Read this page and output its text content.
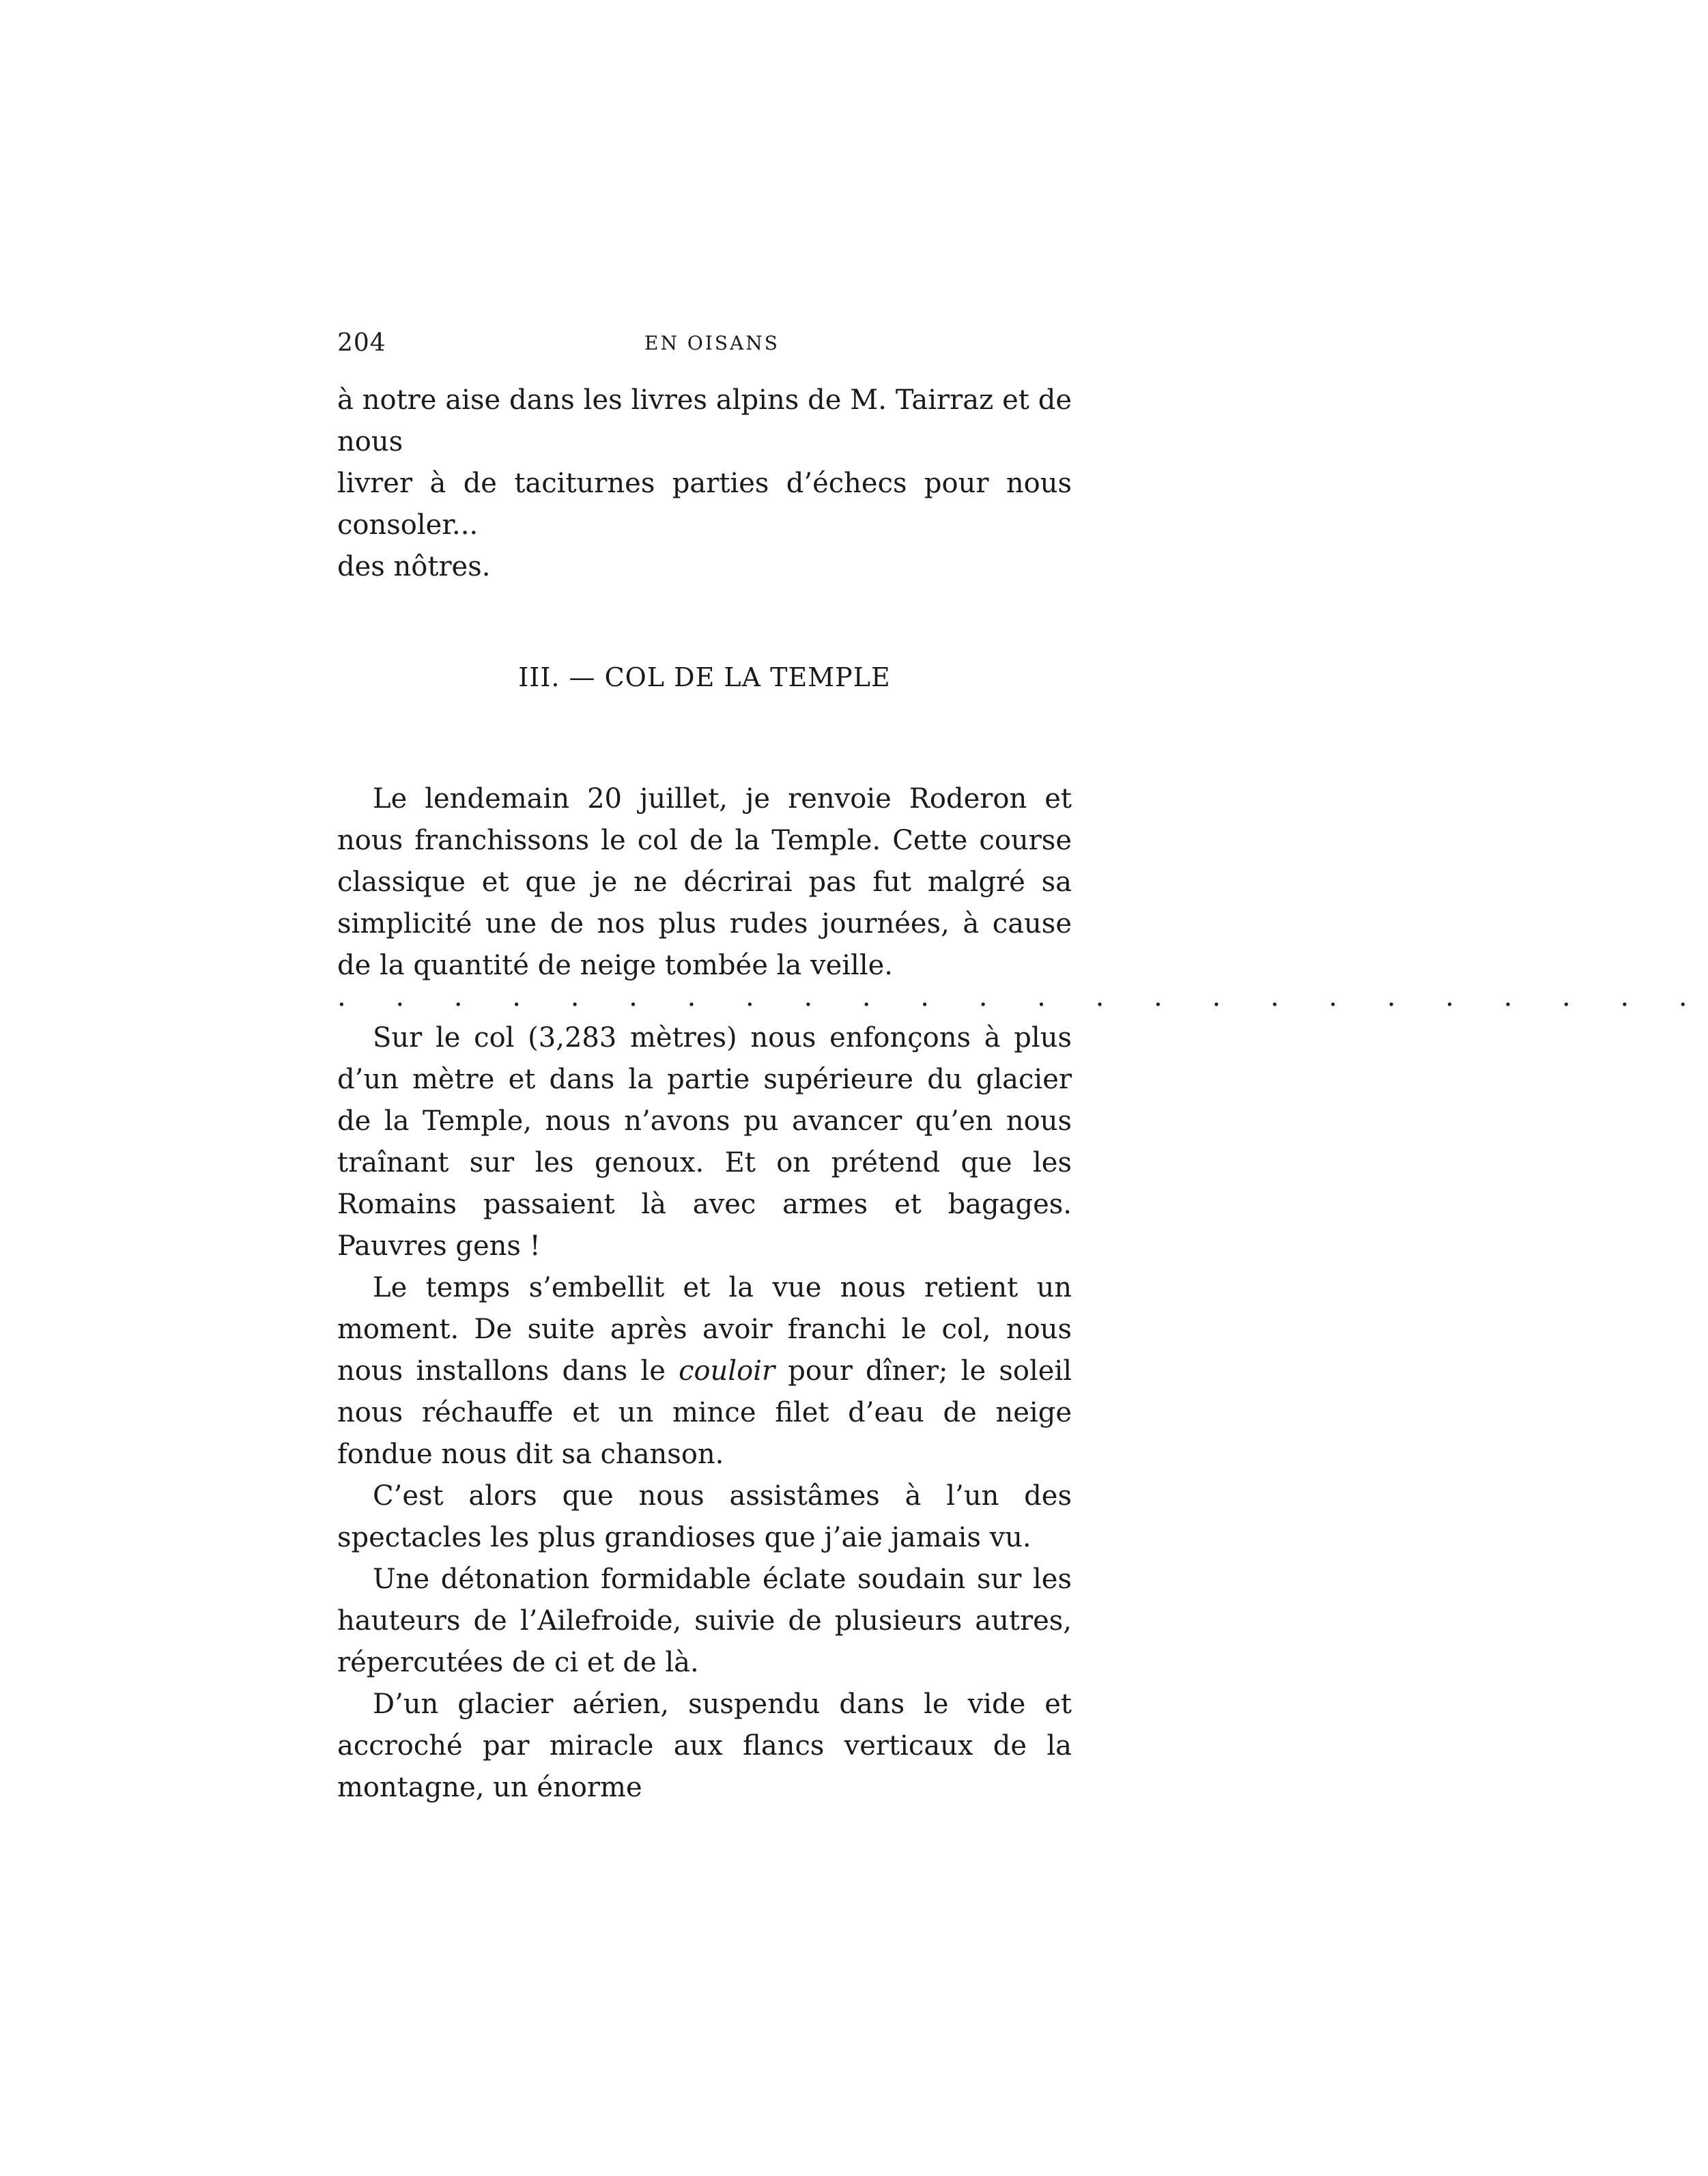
204	EN OISANS

à notre aise dans les livres alpins de M. Tairraz et de nous

livrer à de taciturnes parties d’échecs pour nous consoler...

des nôtres.

III. — COL DE LA TEMPLE

Le lendemain 20 juillet, je renvoie Roderon et nous franchissons le col de la Temple. Cette course classique et que je ne décrirai pas fut malgré sa simplicité une de nos plus rudes journées, à cause de la quantité de neige tombée la veille.

. . . . . . . . . . . . . . . . . . . . . . . .

Sur le col (3,283 mètres) nous enfonçons à plus d’un mètre et dans la partie supérieure du glacier de la Temple, nous n’avons pu avancer qu’en nous traînant sur les genoux. Et on prétend que les Romains passaient là avec armes et bagages. Pauvres gens !

Le temps s’embellit et la vue nous retient un moment. De suite après avoir franchi le col, nous nous installons dans le couloir pour dîner; le soleil nous réchauffe et un mince filet d’eau de neige fondue nous dit sa chanson.

C’est alors que nous assistâmes à l’un des spectacles les plus grandioses que j’aie jamais vu.

Une détonation formidable éclate soudain sur les hauteurs de l’Ailefroide, suivie de plusieurs autres, répercutées de ci et de là.

D’un glacier aérien, suspendu dans le vide et accroché par miracle aux flancs verticaux de la montagne, un énorme
